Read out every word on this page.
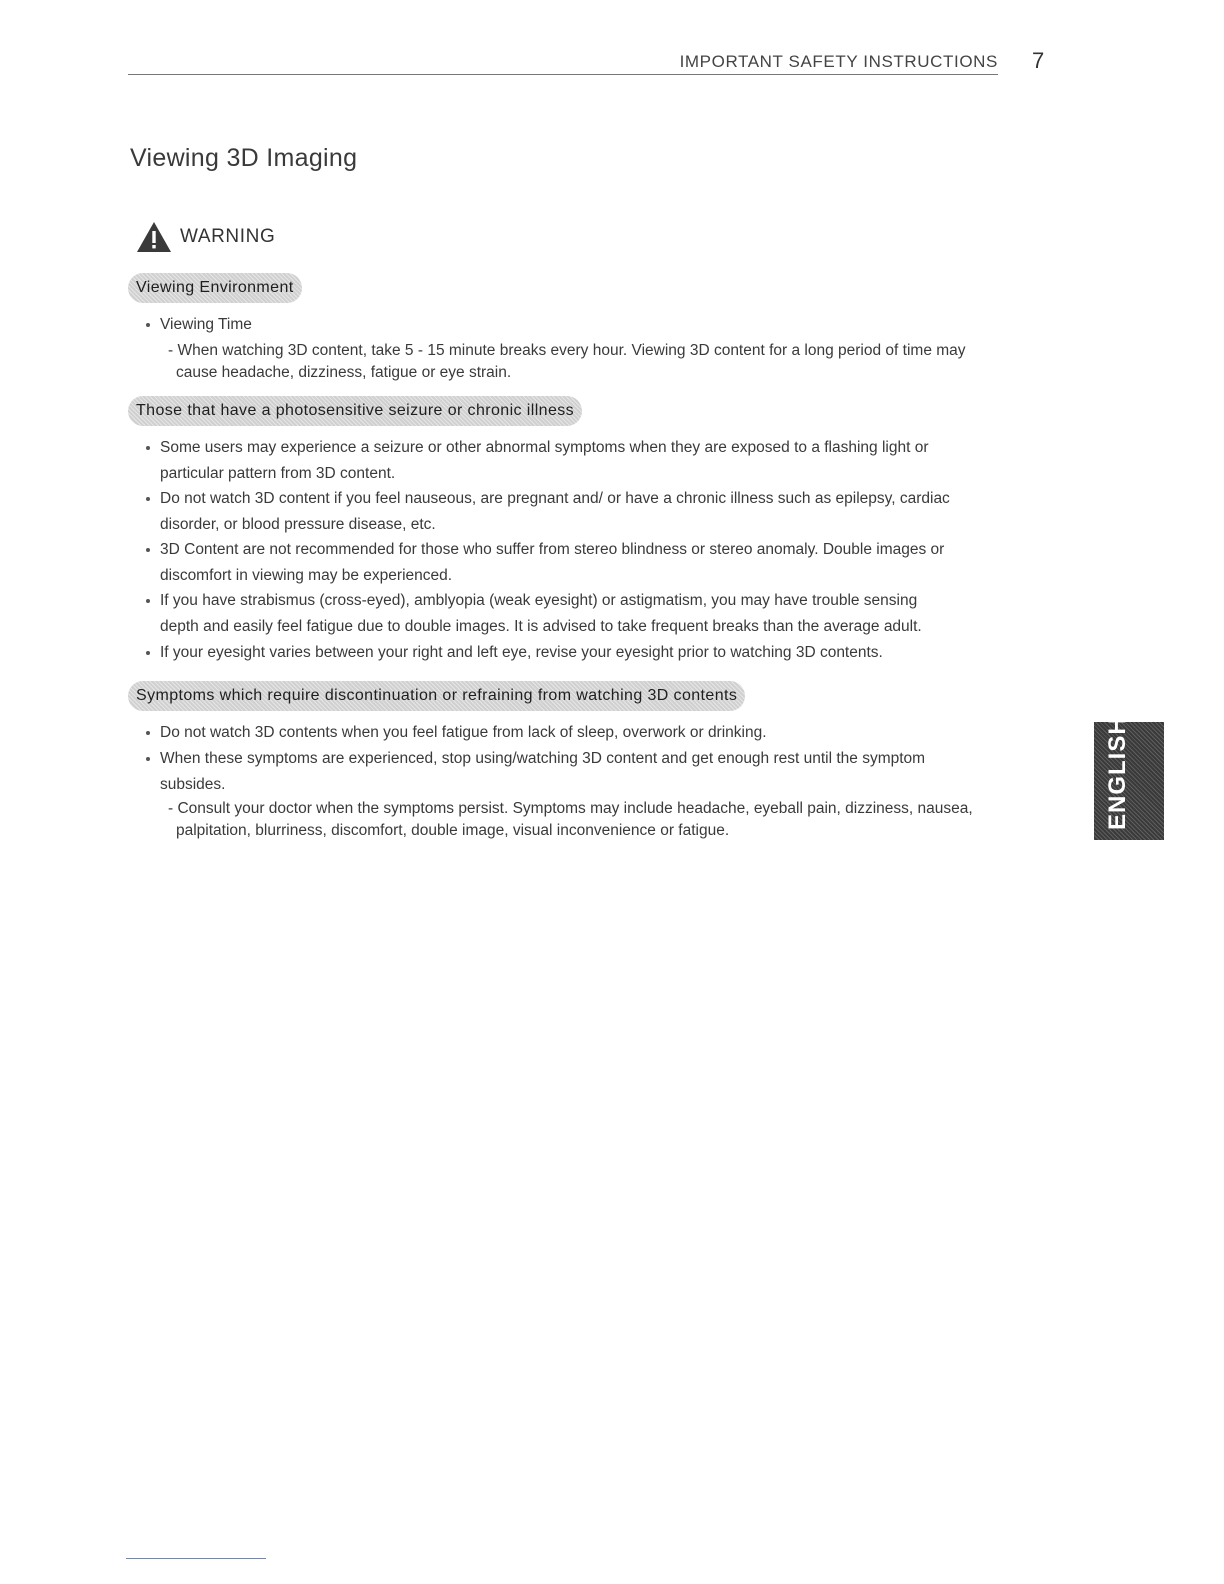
IMPORTANT SAFETY INSTRUCTIONS 7
Viewing 3D Imaging
WARNING
Viewing Environment
Viewing Time
- When watching 3D content, take 5 - 15 minute breaks every hour. Viewing 3D content for a long period of time may
cause headache, dizziness, fatigue or eye strain.
Those that have a photosensitive seizure or chronic illness
Some users may experience a seizure or other abnormal symptoms when they are exposed to a flashing light or
particular pattern from 3D content.
Do not watch 3D content if you feel nauseous, are pregnant and/ or have a chronic illness such as epilepsy, cardiac
disorder, or blood pressure disease, etc.
3D Content are not recommended for those who suffer from stereo blindness or stereo anomaly. Double images or
discomfort in viewing may be experienced.
If you have strabismus (cross-eyed), amblyopia (weak eyesight) or astigmatism, you may have trouble sensing
depth and easily feel fatigue due to double images. It is advised to take frequent breaks than the average adult.
If your eyesight varies between your right and left eye, revise your eyesight prior to watching 3D contents.
Symptoms which require discontinuation or refraining from watching 3D contents
Do not watch 3D contents when you feel fatigue from lack of sleep, overwork or drinking.
When these symptoms are experienced, stop using/watching 3D content and get enough rest until the symptom
subsides.
- Consult your doctor when the symptoms persist. Symptoms may include headache, eyeball pain, dizziness, nausea,
palpitation, blurriness, discomfort, double image, visual inconvenience or fatigue.
ENGLISH
